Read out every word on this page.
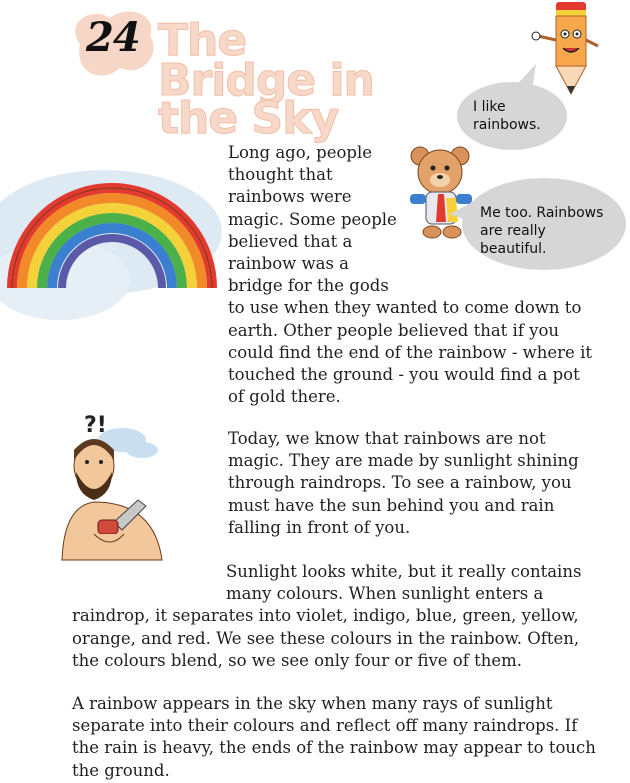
24 The
Bridge in
the Sky	I like
rainbows.
Me too. Rainbows
are really
beautiful.
?!
Long ago, people
thought that
rainbows were
magic. Some people
believed that a
rainbow was a
bridge for the gods
to use when they wanted to come down to
earth. Other people believed that if you
could find the end of the rainbow - where it
touched the ground - you would find a pot
of gold there.
Today, we know that rainbows are not
magic. They are made by sunlight shining
through raindrops. To see a rainbow, you
must have the sun behind you and rain
falling in front of you.
Sunlight looks white, but it really contains
many colours. When sunlight enters a
raindrop, it separates into violet, indigo, blue, green, yellow,
orange, and red. We see these colours in the rainbow. Often,
the colours blend, so we see only four or five of them.
A rainbow appears in the sky when many rays of sunlight
separate into their colours and reflect off many raindrops. If
the rain is heavy, the ends of the rainbow may appear to touch
the ground.
